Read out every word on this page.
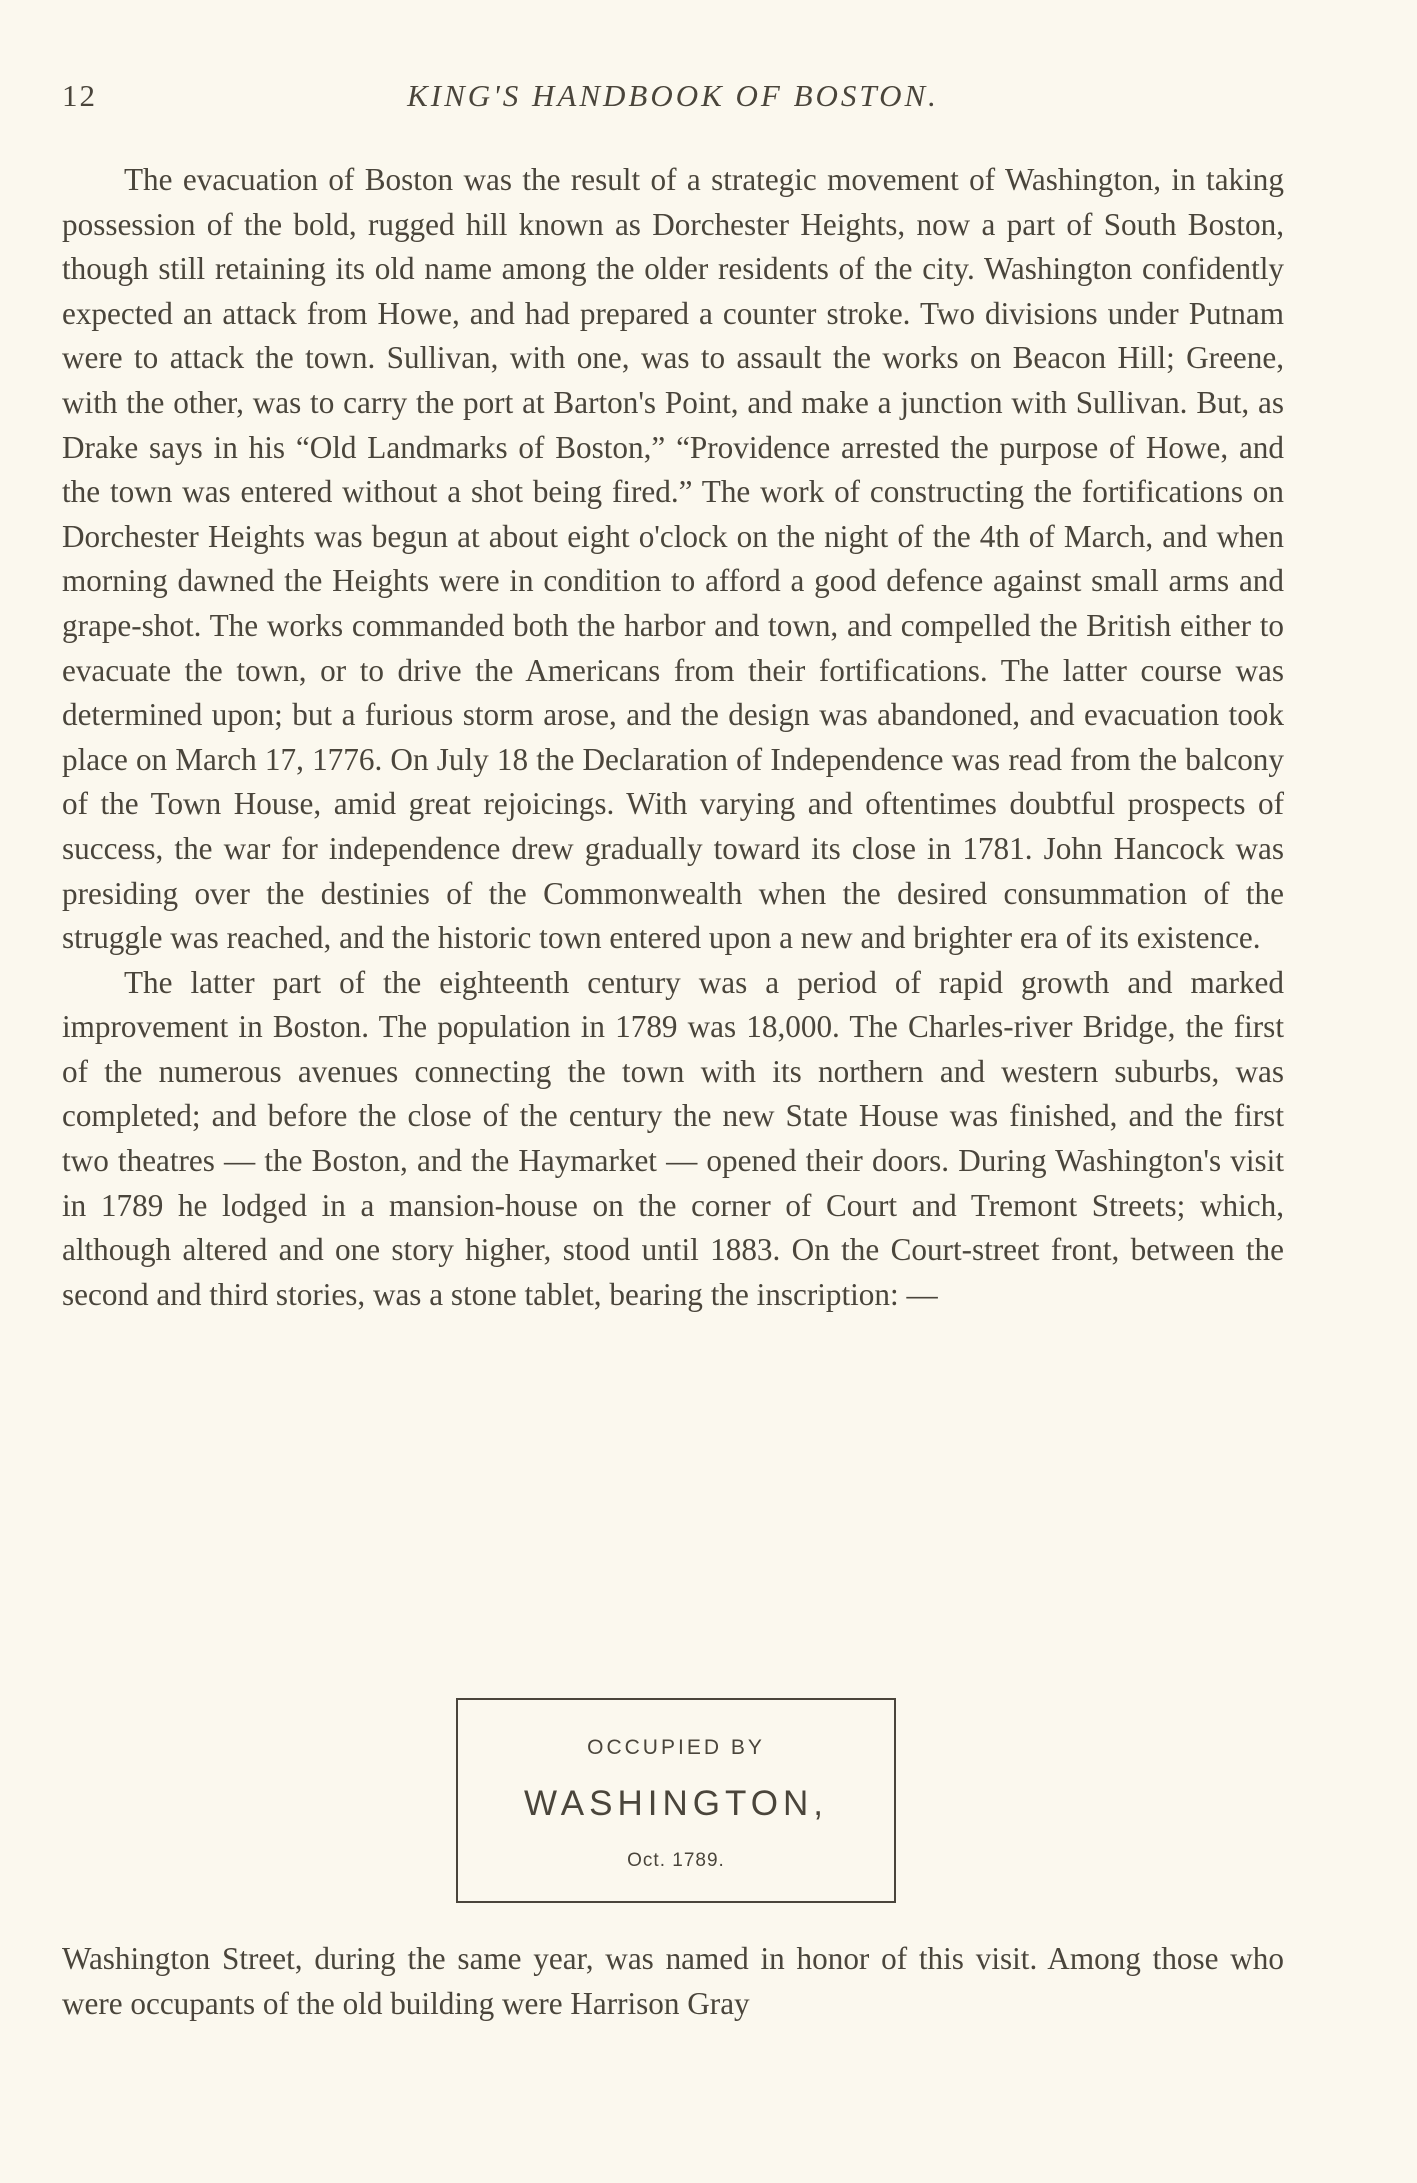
12	KING'S HANDBOOK OF BOSTON.

The evacuation of Boston was the result of a strategic movement of Washington, in taking possession of the bold, rugged hill known as Dorchester Heights, now a part of South Boston, though still retaining its old name among the older residents of the city. Washington confidently expected an attack from Howe, and had prepared a counter stroke. Two divisions under Putnam were to attack the town. Sullivan, with one, was to assault the works on Beacon Hill; Greene, with the other, was to carry the port at Barton's Point, and make a junction with Sullivan. But, as Drake says in his “Old Landmarks of Boston,” “Providence arrested the purpose of Howe, and the town was entered without a shot being fired.” The work of constructing the fortifications on Dorchester Heights was begun at about eight o'clock on the night of the 4th of March, and when morning dawned the Heights were in condition to afford a good defence against small arms and grape-shot. The works commanded both the harbor and town, and compelled the British either to evacuate the town, or to drive the Americans from their fortifications. The latter course was determined upon; but a furious storm arose, and the design was abandoned, and evacuation took place on March 17, 1776. On July 18 the Declaration of Independence was read from the balcony of the Town House, amid great rejoicings. With varying and oftentimes doubtful prospects of success, the war for independence drew gradually toward its close in 1781. John Hancock was presiding over the destinies of the Commonwealth when the desired consummation of the struggle was reached, and the historic town entered upon a new and brighter era of its existence.

The latter part of the eighteenth century was a period of rapid growth and marked improvement in Boston. The population in 1789 was 18,000. The Charles-river Bridge, the first of the numerous avenues connecting the town with its northern and western suburbs, was completed; and before the close of the century the new State House was finished, and the first two theatres — the Boston, and the Haymarket — opened their doors. During Washington's visit in 1789 he lodged in a mansion-house on the corner of Court and Tremont Streets; which, although altered and one story higher, stood until 1883. On the Court-street front, between the second and third stories, was a stone tablet, bearing the inscription: —

OCCUPIED BY
WASHINGTON,
Oct. 1789.

Washington Street, during the same year, was named in honor of this visit. Among those who were occupants of the old building were Harrison Gray
